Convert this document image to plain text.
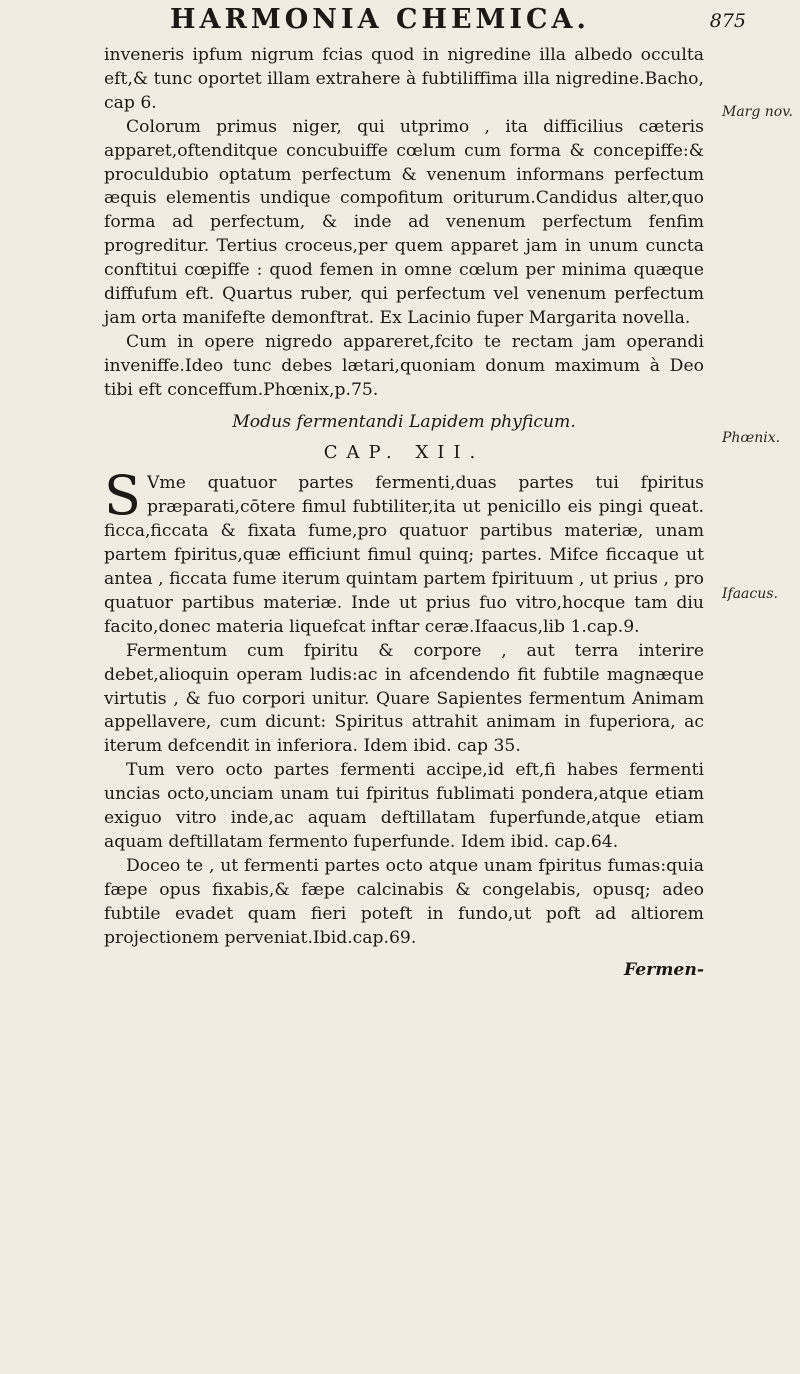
HARMONIA CHEMICA.	875

inveneris ipfum nigrum fcias quod in nigredine illa albedo occulta eft,& tunc oportet illam extrahere à fubtiliffima illa nigredine.Bacho, cap 6.

Colorum primus niger, qui utprimo , ita difficilius cæteris apparet,oftenditque concubuiffe cœlum cum forma & concepiffe:& proculdubio optatum perfectum & venenum informans perfectum æquis elementis undique compofitum oriturum.Candidus alter,quo forma ad perfectum, & inde ad venenum perfectum fenfim progreditur. Tertius croceus,per quem apparet jam in unum cuncta conftitui cœpiffe : quod femen in omne cœlum per minima quæque diffufum eft. Quartus ruber, qui perfectum vel venenum perfectum jam orta manifefte demonftrat. Ex Lacinio fuper Margarita novella.

Cum in opere nigredo appareret,fcito te rectam jam operandi inveniffe.Ideo tunc debes lætari,quoniam donum maximum à Deo tibi eft conceffum.Phœnix,p.75.

Modus fermentandi Lapidem phyficum.

CAP. XII.

S Vme quatuor partes fermenti,duas partes tui fpiritus præparati,cōtere fimul fubtiliter,ita ut penicillo eis pingi queat. ficca,ficcata & fixata fume,pro quatuor partibus materiæ, unam partem fpiritus,quæ efficiunt fimul quinq; partes. Mifce ficcaque ut antea , ficcata fume iterum quintam partem fpirituum , ut prius , pro quatuor partibus materiæ. Inde ut prius fuo vitro,hocque tam diu facito,donec materia liquefcat inftar ceræ.Ifaacus,lib 1.cap.9.

Fermentum cum fpiritu & corpore , aut terra interire debet,alioquin operam ludis:ac in afcendendo fit fubtile magnæque virtutis , & fuo corpori unitur. Quare Sapientes fermentum Animam appellavere, cum dicunt: Spiritus attrahit animam in fuperiora, ac iterum defcendit in inferiora. Idem ibid. cap 35.

Tum vero octo partes fermenti accipe,id eft,fi habes fermenti uncias octo,unciam unam tui fpiritus fublimati pondera,atque etiam exiguo vitro inde,ac aquam deftillatam fuperfunde,atque etiam aquam deftillatam fermento fuperfunde. Idem ibid. cap.64.

Doceo te , ut fermenti partes octo atque unam fpiritus fumas:quia fæpe opus fixabis,& fæpe calcinabis & congelabis, opusq; adeo fubtile evadet quam fieri poteft in fundo,ut poft ad altiorem projectionem perveniat.Ibid.cap.69.

Fermen-

Marg nov.
Phœnix.
Ifaacus.
